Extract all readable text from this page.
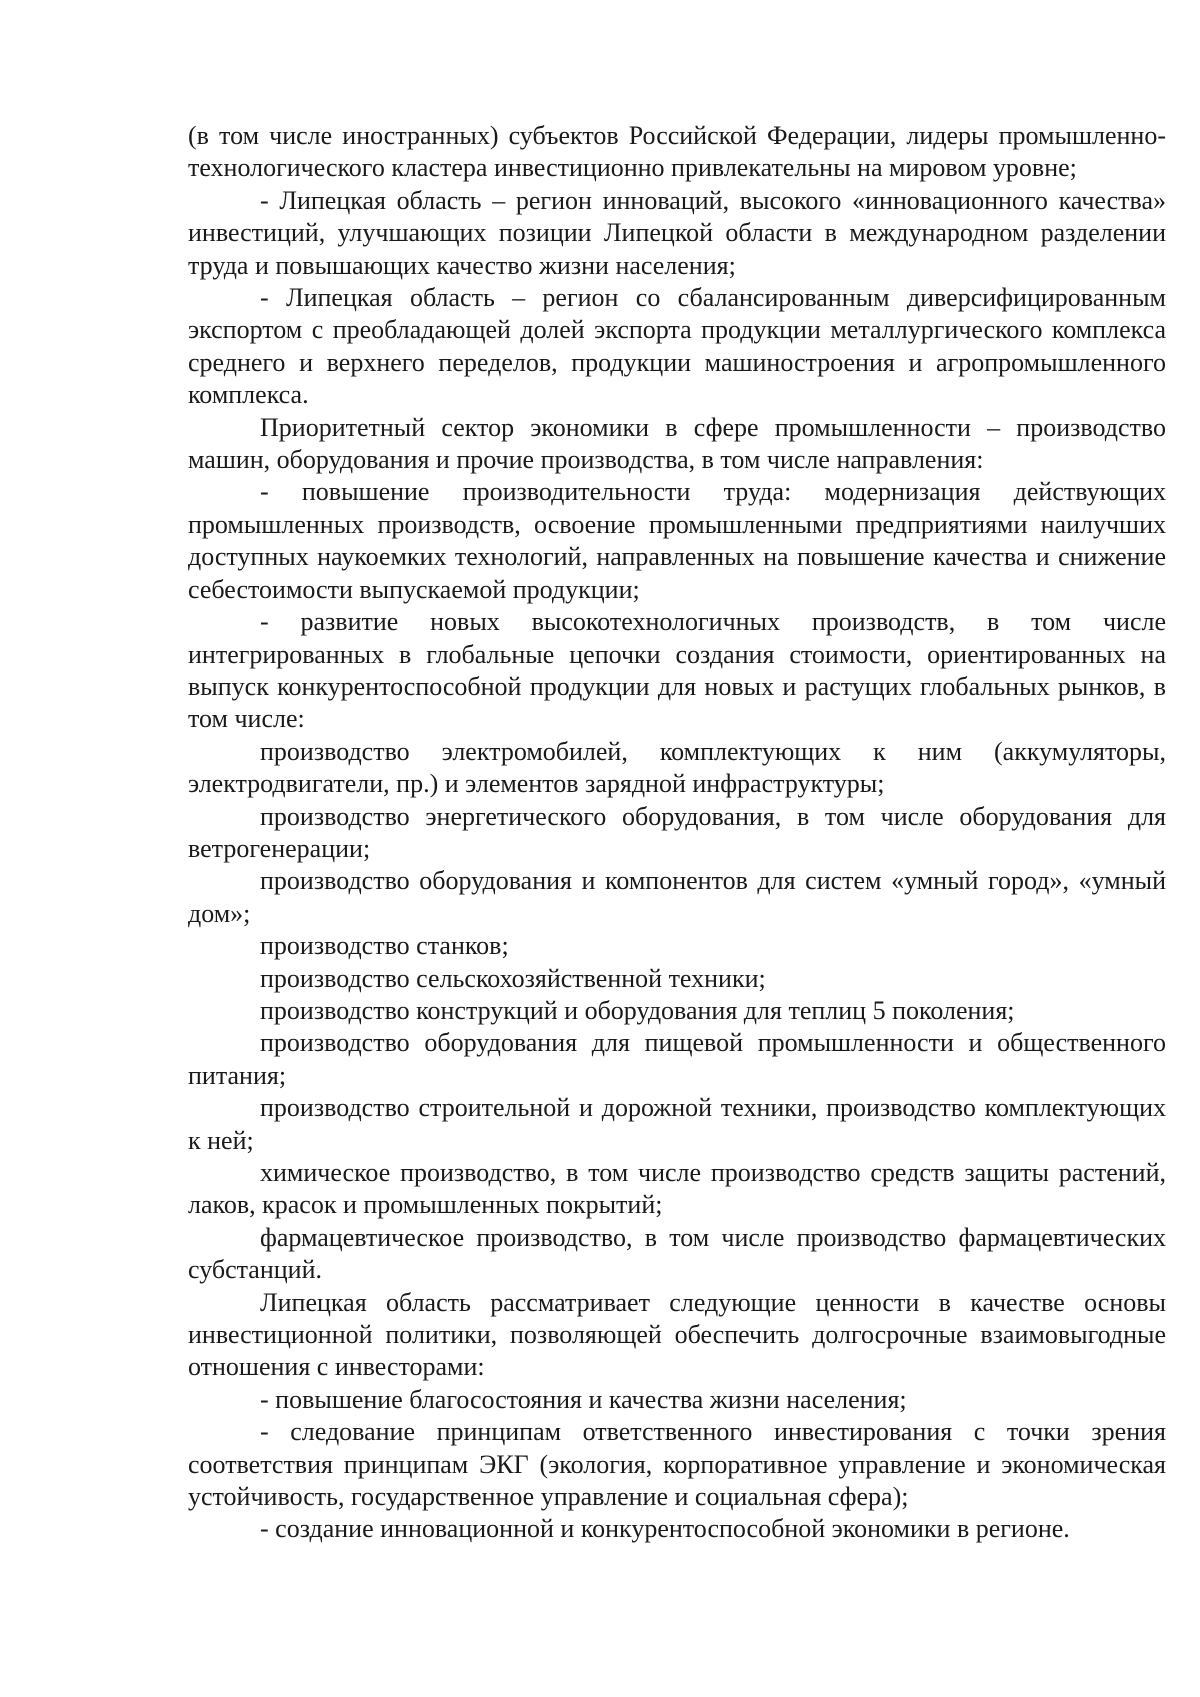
(в том числе иностранных) субъектов Российской Федерации, лидеры промышленно-технологического кластера инвестиционно привлекательны на мировом уровне;

- Липецкая область – регион инноваций, высокого «инновационного качества» инвестиций, улучшающих позиции Липецкой области в международном разделении труда и повышающих качество жизни населения;

- Липецкая область – регион со сбалансированным диверсифицированным экспортом с преобладающей долей экспорта продукции металлургического комплекса среднего и верхнего переделов, продукции машиностроения и агропромышленного комплекса.

Приоритетный сектор экономики в сфере промышленности – производство машин, оборудования и прочие производства, в том числе направления:

- повышение производительности труда: модернизация действующих промышленных производств, освоение промышленными предприятиями наилучших доступных наукоемких технологий, направленных на повышение качества и снижение себестоимости выпускаемой продукции;

- развитие новых высокотехнологичных производств, в том числе интегрированных в глобальные цепочки создания стоимости, ориентированных на выпуск конкурентоспособной продукции для новых и растущих глобальных рынков, в том числе:

производство электромобилей, комплектующих к ним (аккумуляторы, электродвигатели, пр.) и элементов зарядной инфраструктуры;

производство энергетического оборудования, в том числе оборудования для ветрогенерации;

производство оборудования и компонентов для систем «умный город», «умный дом»;

производство станков;

производство сельскохозяйственной техники;

производство конструкций и оборудования для теплиц 5 поколения;

производство оборудования для пищевой промышленности и общественного питания;

производство строительной и дорожной техники, производство комплектующих к ней;

химическое производство, в том числе производство средств защиты растений, лаков, красок и промышленных покрытий;

фармацевтическое производство, в том числе производство фармацевтических субстанций.

Липецкая область рассматривает следующие ценности в качестве основы инвестиционной политики, позволяющей обеспечить долгосрочные взаимовыгодные отношения с инвесторами:

- повышение благосостояния и качества жизни населения;

- следование принципам ответственного инвестирования с точки зрения соответствия принципам ЭКГ (экология, корпоративное управление и экономическая устойчивость, государственное управление и социальная сфера);

- создание инновационной и конкурентоспособной экономики в регионе.
